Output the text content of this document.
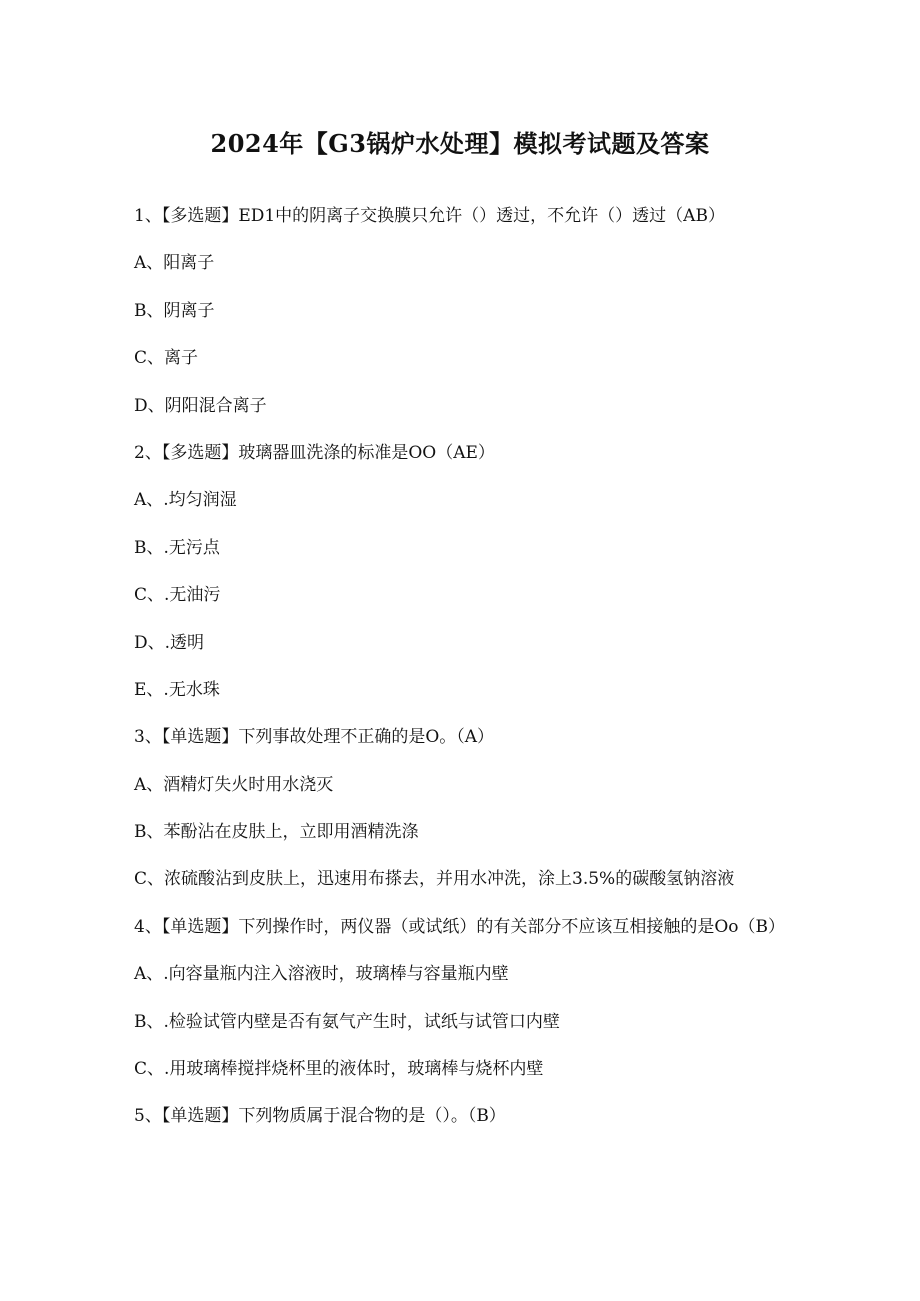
2024年【G3锅炉水处理】模拟考试题及答案
1、【多选题】ED1中的阴离子交换膜只允许（）透过，不允许（）透过（AB）
A、阳离子
B、阴离子
C、离子
D、阴阳混合离子
2、【多选题】玻璃器皿洗涤的标准是OO（AE）
A、.均匀润湿
B、.无污点
C、.无油污
D、.透明
E、.无水珠
3、【单选题】下列事故处理不正确的是O。（A）
A、酒精灯失火时用水浇灭
B、苯酚沾在皮肤上，立即用酒精洗涤
C、浓硫酸沾到皮肤上，迅速用布搽去，并用水冲洗，涂上3.5%的碳酸氢钠溶液
4、【单选题】下列操作时，两仪器（或试纸）的有关部分不应该互相接触的是Oo（B）
A、.向容量瓶内注入溶液时，玻璃棒与容量瓶内壁
B、.检验试管内壁是否有氨气产生时，试纸与试管口内壁
C、.用玻璃棒搅拌烧杯里的液体时，玻璃棒与烧杯内壁
5、【单选题】下列物质属于混合物的是（）。（B）
